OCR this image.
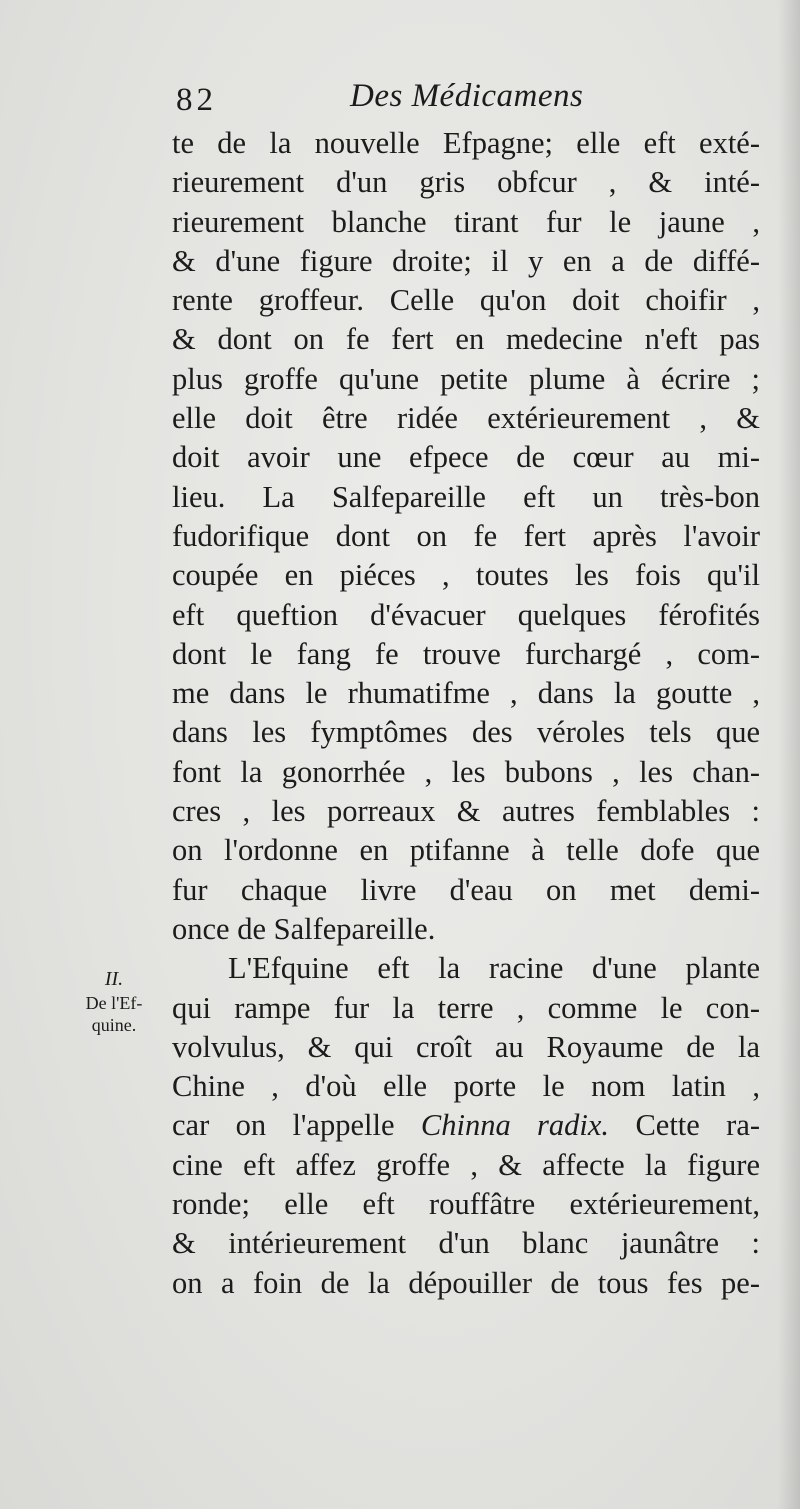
82	Des Médicamens
II.
De l'Ef-
quine.
te de la nouvelle Efpagne; elle eft exté-
rieurement d'un gris obfcur , & inté-
rieurement blanche tirant fur le jaune ,
& d'une figure droite; il y en a de diffé-
rente groffeur. Celle qu'on doit choifir ,
& dont on fe fert en medecine n'eft pas
plus groffe qu'une petite plume à écrire ;
elle doit être ridée extérieurement , &
doit avoir une efpece de cœur au mi-
lieu. La Salfepareille eft un très-bon
fudorifique dont on fe fert après l'avoir
coupée en piéces , toutes les fois qu'il
eft queftion d'évacuer quelques férofités
dont le fang fe trouve furchargé , com-
me dans le rhumatifme , dans la goutte ,
dans les fymptômes des véroles tels que
font la gonorrhée , les bubons , les chan-
cres , les porreaux & autres femblables :
on l'ordonne en ptifanne à telle dofe que
fur chaque livre d'eau on met demi-
once de Salfepareille.
L'Efquine eft la racine d'une plante
qui rampe fur la terre , comme le con-
volvulus, & qui croît au Royaume de la
Chine , d'où elle porte le nom latin ,
car on l'appelle Chinna radix. Cette ra-
cine eft affez groffe , & affecte la figure
ronde; elle eft rouffâtre extérieurement,
& intérieurement d'un blanc jaunâtre :
on a foin de la dépouiller de tous fes pe-
